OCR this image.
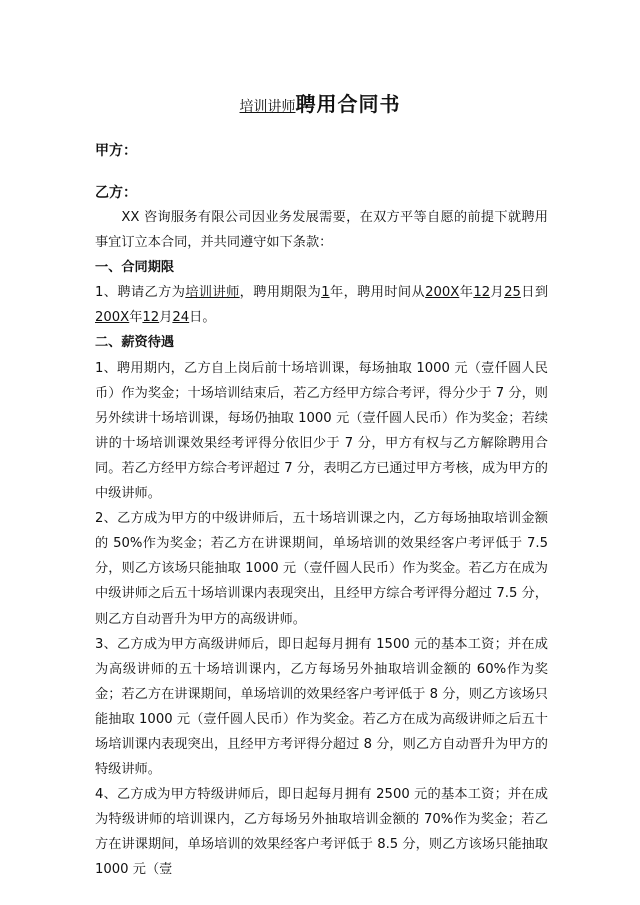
培训讲师聘用合同书
甲方：
乙方：

XX 咨询服务有限公司因业务发展需要，在双方平等自愿的前提下就聘用事宜订立本合同，并共同遵守如下条款：

一、合同期限

1、聘请乙方为培训讲师，聘用期限为1年，聘用时间从200X年12月25日到200X年12月24日。

二、薪资待遇

1、聘用期内，乙方自上岗后前十场培训课，每场抽取 1000 元（壹仟圆人民币）作为奖金；十场培训结束后，若乙方经甲方综合考评，得分少于 7 分，则另外续讲十场培训课，每场仍抽取 1000 元（壹仟圆人民币）作为奖金；若续讲的十场培训课效果经考评得分依旧少于 7 分，甲方有权与乙方解除聘用合同。若乙方经甲方综合考评超过 7 分，表明乙方已通过甲方考核，成为甲方的中级讲师。

2、乙方成为甲方的中级讲师后，五十场培训课之内，乙方每场抽取培训金额的 50%作为奖金；若乙方在讲课期间，单场培训的效果经客户考评低于 7.5 分，则乙方该场只能抽取 1000 元（壹仟圆人民币）作为奖金。若乙方在成为中级讲师之后五十场培训课内表现突出，且经甲方综合考评得分超过 7.5 分，则乙方自动晋升为甲方的高级讲师。

3、乙方成为甲方高级讲师后，即日起每月拥有 1500 元的基本工资；并在成为高级讲师的五十场培训课内，乙方每场另外抽取培训金额的 60%作为奖金；若乙方在讲课期间，单场培训的效果经客户考评低于 8 分，则乙方该场只能抽取 1000 元（壹仟圆人民币）作为奖金。若乙方在成为高级讲师之后五十场培训课内表现突出，且经甲方考评得分超过 8 分，则乙方自动晋升为甲方的特级讲师。

4、乙方成为甲方特级讲师后，即日起每月拥有 2500 元的基本工资；并在成为特级讲师的培训课内，乙方每场另外抽取培训金额的 70%作为奖金；若乙方在讲课期间，单场培训的效果经客户考评低于 8.5 分，则乙方该场只能抽取 1000 元（壹
